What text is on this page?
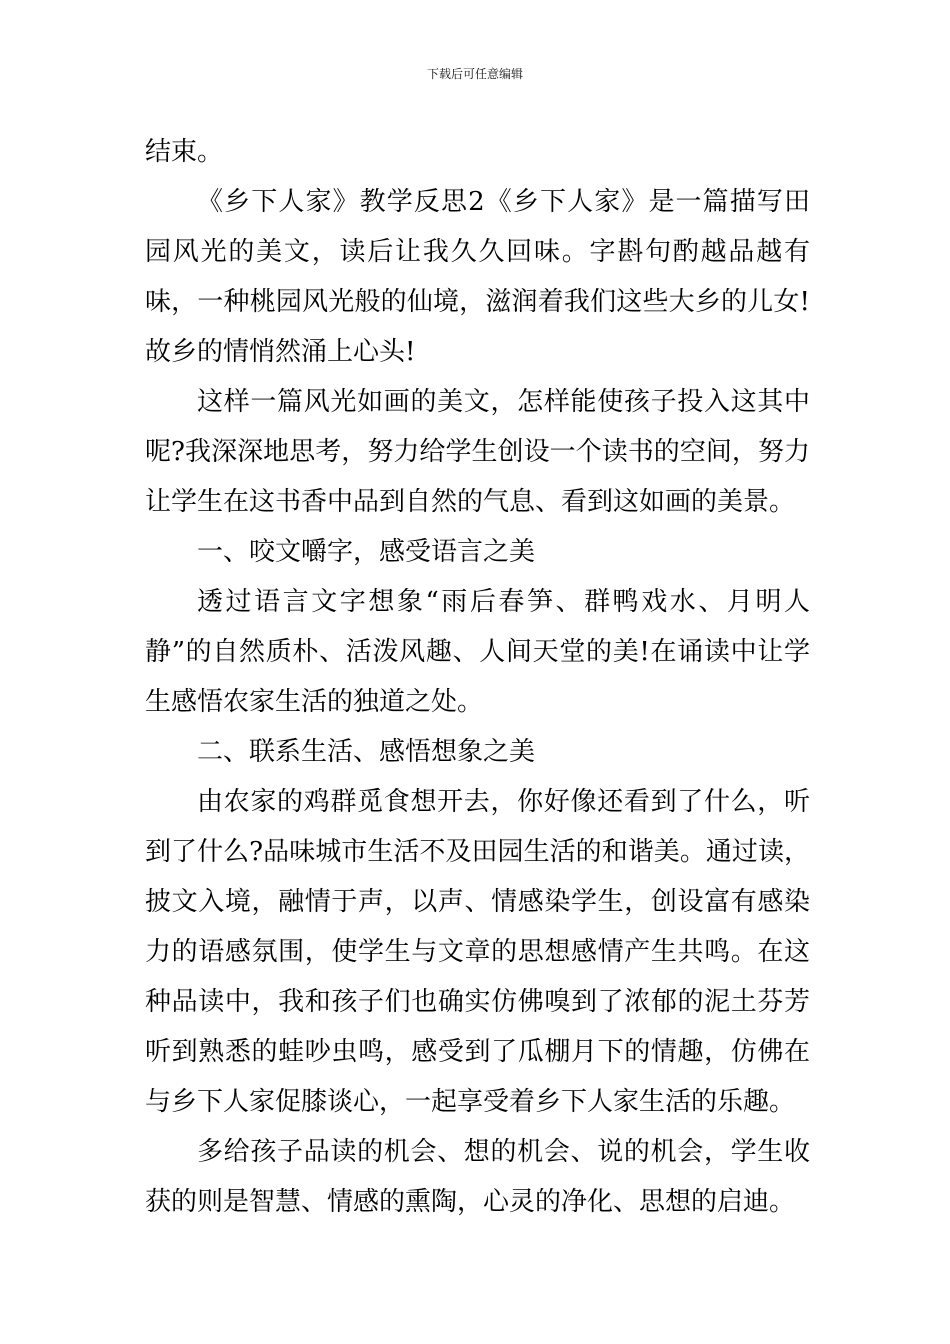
下载后可任意编辑

结束。

《乡下人家》教学反思2《乡下人家》是一篇描写田园风光的美文，读后让我久久回味。字斟句酌越品越有味，一种桃园风光般的仙境，滋润着我们这些大乡的儿女!故乡的情悄然涌上心头!

这样一篇风光如画的美文，怎样能使孩子投入这其中呢?我深深地思考，努力给学生创设一个读书的空间，努力让学生在这书香中品到自然的气息、看到这如画的美景。

一、咬文嚼字，感受语言之美

透过语言文字想象“雨后春笋、群鸭戏水、月明人静”的自然质朴、活泼风趣、人间天堂的美!在诵读中让学生感悟农家生活的独道之处。

二、联系生活、感悟想象之美

由农家的鸡群觅食想开去，你好像还看到了什么，听到了什么?品味城市生活不及田园生活的和谐美。通过读，披文入境，融情于声，以声、情感染学生，创设富有感染力的语感氛围，使学生与文章的思想感情产生共鸣。在这种品读中，我和孩子们也确实仿佛嗅到了浓郁的泥土芬芳听到熟悉的蛙吵虫鸣，感受到了瓜棚月下的情趣，仿佛在与乡下人家促膝谈心，一起享受着乡下人家生活的乐趣。

多给孩子品读的机会、想的机会、说的机会，学生收获的则是智慧、情感的熏陶，心灵的净化、思想的启迪。
